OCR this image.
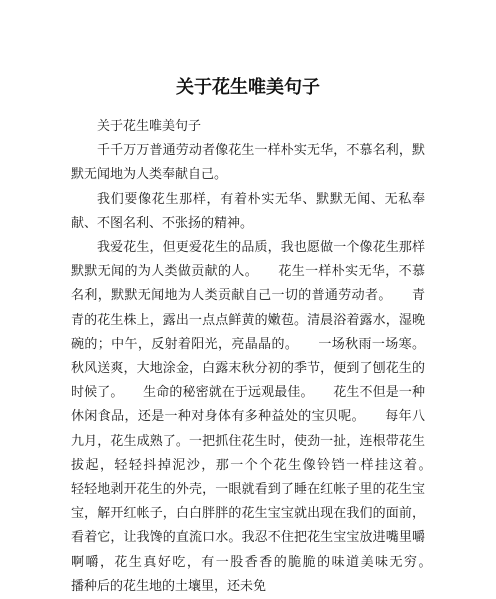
关于花生唯美句子

关于花生唯美句子

千千万万普通劳动者像花生一样朴实无华，不慕名利，默默无闻地为人类奉献自己。

我们要像花生那样，有着朴实无华、默默无闻、无私奉献、不图名利、不张扬的精神。

我爱花生，但更爱花生的品质，我也愿做一个像花生那样默默无闻的为人类做贡献的人。　　花生一样朴实无华，不慕名利，默默无闻地为人类贡献自己一切的普通劳动者。　　青青的花生株上，露出一点点鲜黄的嫩苞。清晨浴着露水，湿晚碗的；中午，反射着阳光，亮晶晶的。　　一场秋雨一场寒。秋风送爽，大地涂金，白露末秋分初的季节，便到了刨花生的时候了。　　生命的秘密就在于远观最佳。　　花生不但是一种休闲食品，还是一种对身体有多种益处的宝贝呢。　　每年八九月，花生成熟了。一把抓住花生时，使劲一扯，连根带花生拔起，轻轻抖掉泥沙，那一个个花生像铃铛一样挂这着。　　轻轻地剥开花生的外壳，一眼就看到了睡在红帐子里的花生宝宝，解开红帐子，白白胖胖的花生宝宝就出现在我们的面前，看着它，让我馋的直流口水。我忍不住把花生宝宝放进嘴里嚼啊嚼，花生真好吃，有一股香香的脆脆的味道美味无穷。　　播种后的花生地的土壤里，还未免
